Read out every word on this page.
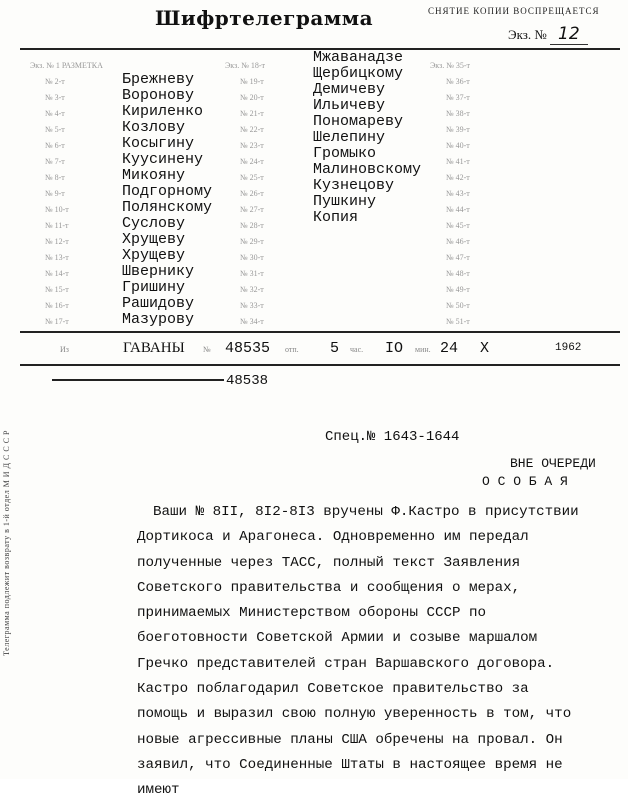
Шифртелеграмма	СНЯТИЕ КОПИИ ВОСПРЕЩАЕТСЯ
Экз. № 12
Экз. № 1 РАЗМЕТКА
№ 2-т	Брежневу
№ 3-т	Воронову
№ 4-т	Кириленко
№ 5-т	Козлову
№ 6-т	Косыгину
№ 7-т	Куусинену
№ 8-т	Микояну
№ 9-т	Подгорному
№ 10-т	Полянскому
№ 11-т	Суслову
№ 12-т	Хрущеву
№ 13-т	Хрущеву
№ 14-т	Швернику
№ 15-т	Гришину
№ 16-т	Рашидову
№ 17-т	Мазурову
Экз. № 18-т	Мжаванадзе
№ 19-т	Щербицкому
№ 20-т	Демичеву
№ 21-т	Ильичеву
№ 22-т	Пономареву
№ 23-т	Шелепину
№ 24-т	Громыко
№ 25-т	Малиновскому
№ 26-т	Кузнецову
№ 27-т	Пушкину
№ 28-т	Копия
№ 29-т
№ 30-т
№ 31-т
№ 32-т
№ 33-т
№ 34-т
Экз. № 35-т
№ 36-т
№ 37-т
№ 38-т
№ 39-т
№ 40-т
№ 41-т
№ 42-т
№ 43-т
№ 44-т
№ 45-т
№ 46-т
№ 47-т
№ 48-т
№ 49-т
№ 50-т
№ 51-т
Из	ГАВАНЫ № 48535 отп. 5 час. IO мин. 24 X	1962
48538
Спец.№ 1643-1644
ВНЕ ОЧЕРЕДИ
О С О Б А Я
Ваши № 8II, 8I2-8I3 вручены Ф.Кастро в присутствии Дортикоса и Арагонеса. Одновременно им передал полученные через ТАСС, полный текст Заявления Советского правительства и сообщения о мерах, принимаемых Министерством обороны СССР по боеготовности Советской Армии и созыве маршалом Гречко представителей стран Варшавского договора. Кастро поблагодарил Советское правительство за помощь и выразил свою полную уверенность в том, что новые агрессивные планы США обречены на провал. Он заявил, что Соединенные Штаты в настоящее время не имеют
Телеграмма подлежит возврату в 1-й отдел М И Д С С С Р
